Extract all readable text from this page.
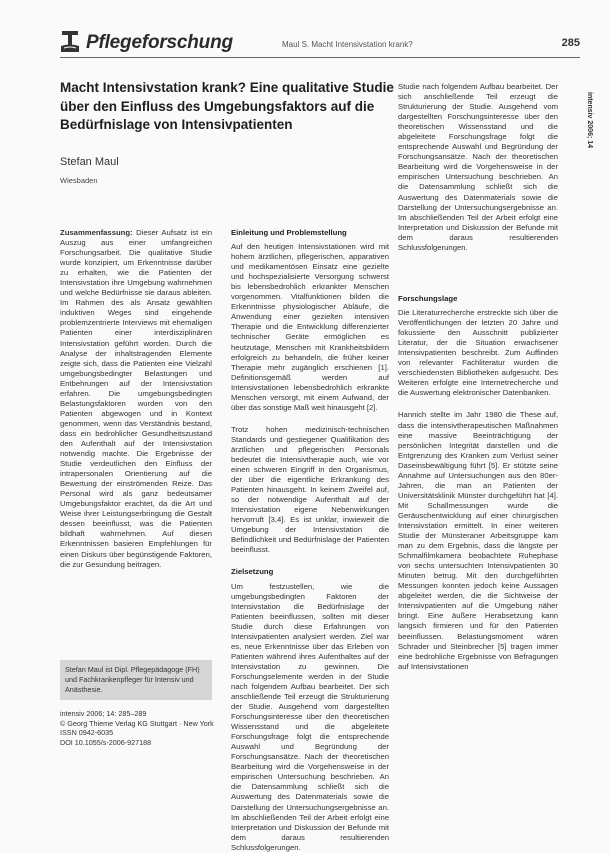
Pflegeforschung	Maul S. Macht Intensivstation krank?	285
intensiv 2006; 14
Macht Intensivstation krank? Eine qualitative Studie über den Einfluss des Umgebungsfaktors auf die Bedürfnislage von Intensivpatienten
Stefan Maul
Wiesbaden

Zusammenfassung: Dieser Aufsatz ist ein Auszug aus einer umfangreichen Forschungsarbeit. Die qualitative Studie wurde konzipiert, um Erkenntnisse darüber zu erhalten, wie die Patienten der Intensivstation ihre Umgebung wahrnehmen und welche Bedürfnisse sie daraus ableiten. Im Rahmen des als Ansatz gewählten induktiven Weges sind eingehende problemzentrierte Interviews mit ehemaligen Patienten einer interdisziplinären Intensivstation geführt worden. Durch die Analyse der inhaltstragenden Elemente zeigte sich, dass die Patienten eine Vielzahl umgebungsbedingter Belastungen und Entbehrungen auf der Intensivstation erfahren. Die umgebungsbedingten Belastungsfaktoren wurden von den Patienten abgewogen und in Kontext genommen, wenn das Verständnis bestand, dass ein bedrohlicher Gesundheitszustand den Aufenthalt auf der Intensivstation notwendig machte. Die Ergebnisse der Studie verdeutlichen den Einfluss der intrapersonalen Orientierung auf die Bewertung der einströmenden Reize. Das Personal wird als ganz bedeutsamer Umgebungsfaktor erachtet, da die Art und Weise ihrer Leistungserbringung die Gestalt dessen beeinflusst, was die Patienten bildhaft wahrnehmen. Auf diesen Erkenntnissen basieren Empfehlungen für einen Diskurs über begünstigende Faktoren, die zur Gesundung beitragen.

Stefan Maul ist Dipl. Pflegepädagoge (FH) und Fachkrankenpfleger für Intensiv und Anästhesie.
intensiv 2006; 14: 285–289
© Georg Thieme Verlag KG Stuttgart · New York
ISSN 0942-6035
DOI 10.1055/s-2006-927188

Einleitung und Problemstellung

Auf den heutigen Intensivstationen wird mit hohem ärztlichen, pflegerischen, apparativen und medikamentösen Einsatz eine gezielte und hochspezialisierte Versorgung schwerst bis lebensbedrohlich erkrankter Menschen vorgenommen. Vitalfunktionen bilden die Erkenntnisse physiologischer Abläufe, die Anwendung einer gezielten intensiven Therapie und die Entwicklung differenzierter technischer Geräte ermöglichen es heutzutage, Menschen mit Krankheitsbildern erfolgreich zu behandeln, die früher keiner Therapie mehr zugänglich erschienen [1]. Definitionsgemäß werden auf Intensivstationen lebensbedrohlich erkrankte Menschen versorgt, mit einem Aufwand, der über das sonstige Maß weit hinausgeht [2].

Trotz hohen medizinisch-technischen Standards und gestiegener Qualifikation des ärztlichen und pflegerischen Personals bedeutet die Intensivtherapie auch, wie vor einen schweren Eingriff in den Organismus, der über die eigentliche Erkrankung des Patienten hinausgeht. In keinem Zweifel auf, so der notwendige Aufenthalt auf der Intensivstation eigene Nebenwirkungen hervorruft [3,4]. Es ist unklar, inwieweit die Umgebung der Intensivstation die Befindlichkeit und Bedürfnislage der Patienten beeinflusst.

Zielsetzung

Um festzustellen, wie die umgebungsbedingten Faktoren der Intensivstation die Bedürfnislage der Patienten beeinflussen, sollten mit dieser Studie durch diese Erfahrungen von Intensivpatienten analysiert werden. Ziel war es, neue Erkenntnisse über das Erleben von Patienten während ihres Aufenthaltes auf der Intensivstation zu gewinnen. Die Forschungselemente werden in der Studie nach folgendem Aufbau bearbeitet. Der sich anschließende Teil erzeugt die Strukturierung der Studie. Ausgehend vom dargestellten Forschungsinteresse über den theoretischen Wissensstand und die abgeleitete Forschungsfrage folgt die entsprechende Auswahl und Begründung der Forschungsansätze. Nach der theoretischen Bearbeitung wird die Vorgehensweise in der empirischen Untersuchung beschrieben. An die Datensammlung schließt sich die Auswertung des Datenmaterials sowie die Darstellung der Untersuchungsergebnisse an. Im abschließenden Teil der Arbeit erfolgt eine Interpretation und Diskussion der Befunde mit dem daraus resultierenden Schlussfolgerungen.

Studie nach folgendem Aufbau bearbeitet. Der sich anschließende Teil erzeugt die Strukturierung der Studie. Ausgehend vom dargestellten Forschungsinteresse über den theoretischen Wissensstand und die abgeleitete Forschungsfrage folgt die entsprechende Auswahl und Begründung der Forschungsansätze. Nach der theoretischen Bearbeitung wird die Vorgehensweise in der empirischen Untersuchung beschrieben. An die Datensammlung schließt sich die Auswertung des Datenmaterials sowie die Darstellung der Untersuchungsergebnisse an. Im abschließenden Teil der Arbeit erfolgt eine Interpretation und Diskussion der Befunde mit dem daraus resultierenden Schlussfolgerungen.

Forschungslage

Die Literaturrecherche erstreckte sich über die Veröffentlichungen der letzten 20 Jahre und fokussierte den Ausschnitt publizierter Literatur, der die Situation erwachsener Intensivpatienten beschreibt. Zum Auffinden von relevanter Fachliteratur wurden die verschiedensten Bibliotheken aufgesucht. Des Weiteren erfolgte eine Internetrecherche und die Auswertung elektronischer Datenbanken.

Hannich stellte im Jahr 1980 die These auf, dass die intensivtherapeutischen Maßnahmen eine massive Beeinträchtigung der persönlichen Integrität darstellen und die Entgrenzung des Kranken zum Verlust seiner Daseinsbewältigung führt [5]. Er stützte seine Annahme auf Untersuchungen aus den 80er-Jahren, die man an Patienten der Universitätsklinik Münster durchgeführt hat [4]. Mit Schallmessungen wurde die Geräuschentwicklung auf einer chirurgischen Intensivstation ermittelt. In einer weiteren Studie der Münsteraner Arbeitsgruppe kam man zu dem Ergebnis, dass die längste per Schmalfilmkamera beobachtete Ruhephase von sechs untersuchten Intensivpatienten 30 Minuten betrug. Mit den durchgeführten Messungen konnten jedoch keine Aussagen abgeleitet werden, die die Sichtweise der Intensivpatienten auf die Umgebung näher bringt. Eine äußere Herabsetzung kann langsich firmieren und für den Patienten beeinflussen. Belastungsmoment wären Schrader und Steinbrecher [5] tragen immer eine bedrohliche Ergebnisse von Befragungen auf Intensivstationen
